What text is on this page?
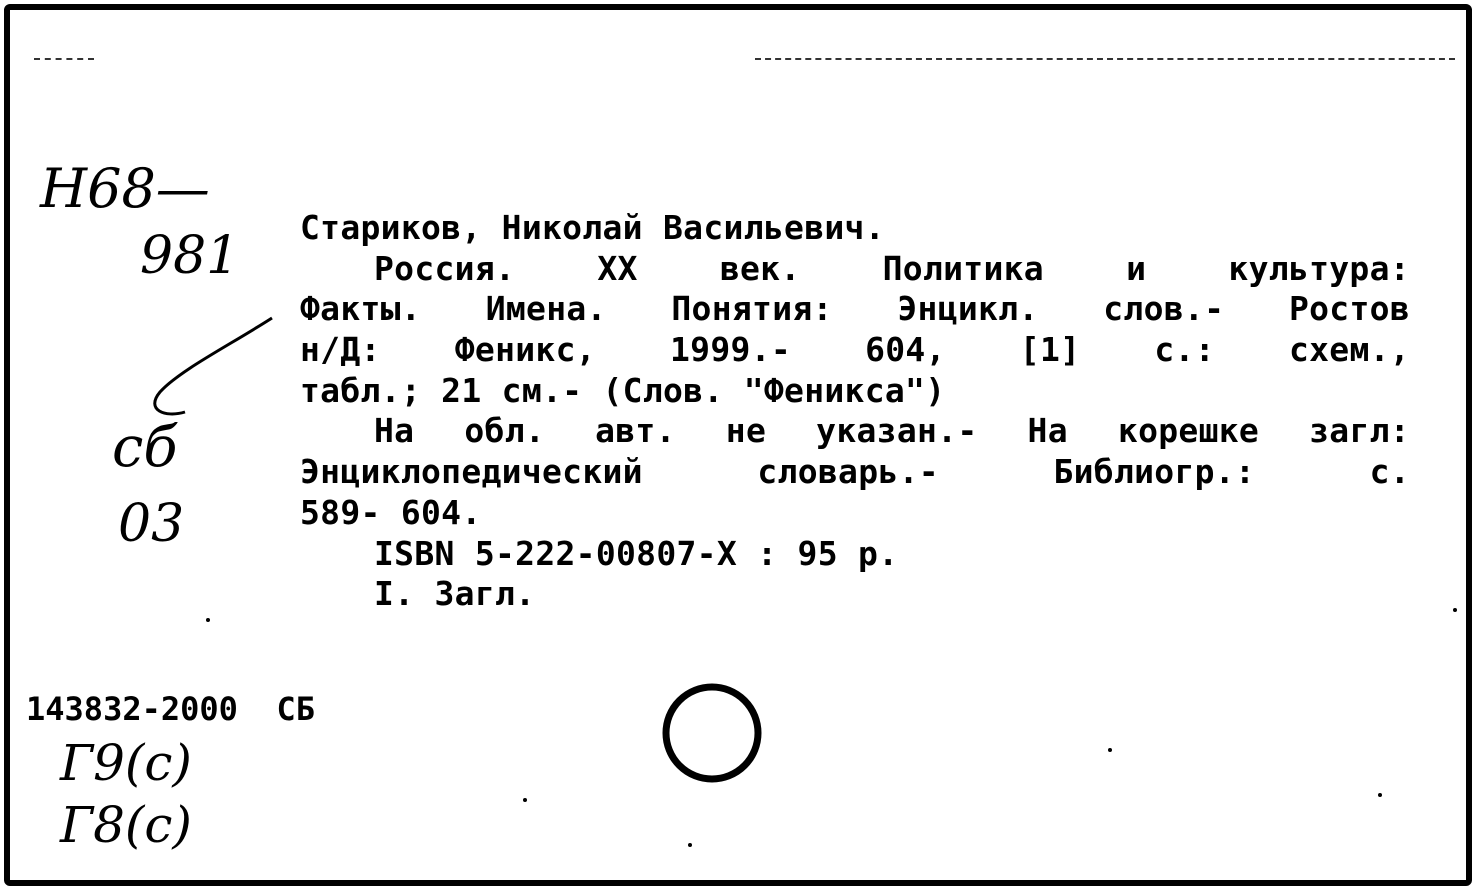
Н68—
981
сб
03
Г9(с)
Г8(с)
Стариков, Николай Васильевич.
Россия. XX век. Политика и культура:
Факты. Имена. Понятия: Энцикл. слов.- Ростов
н/Д: Феникс, 1999.- 604, [1] с.: схем.,
табл.; 21 см.- (Слов. "Феникса")
На обл. авт. не указан.- На корешке загл:
Энциклопедический	словарь.-	Библиогр.:	с.
589- 604.
ISBN 5-222-00807-X : 95 р.
I. Загл.
143832-2000  СБ
